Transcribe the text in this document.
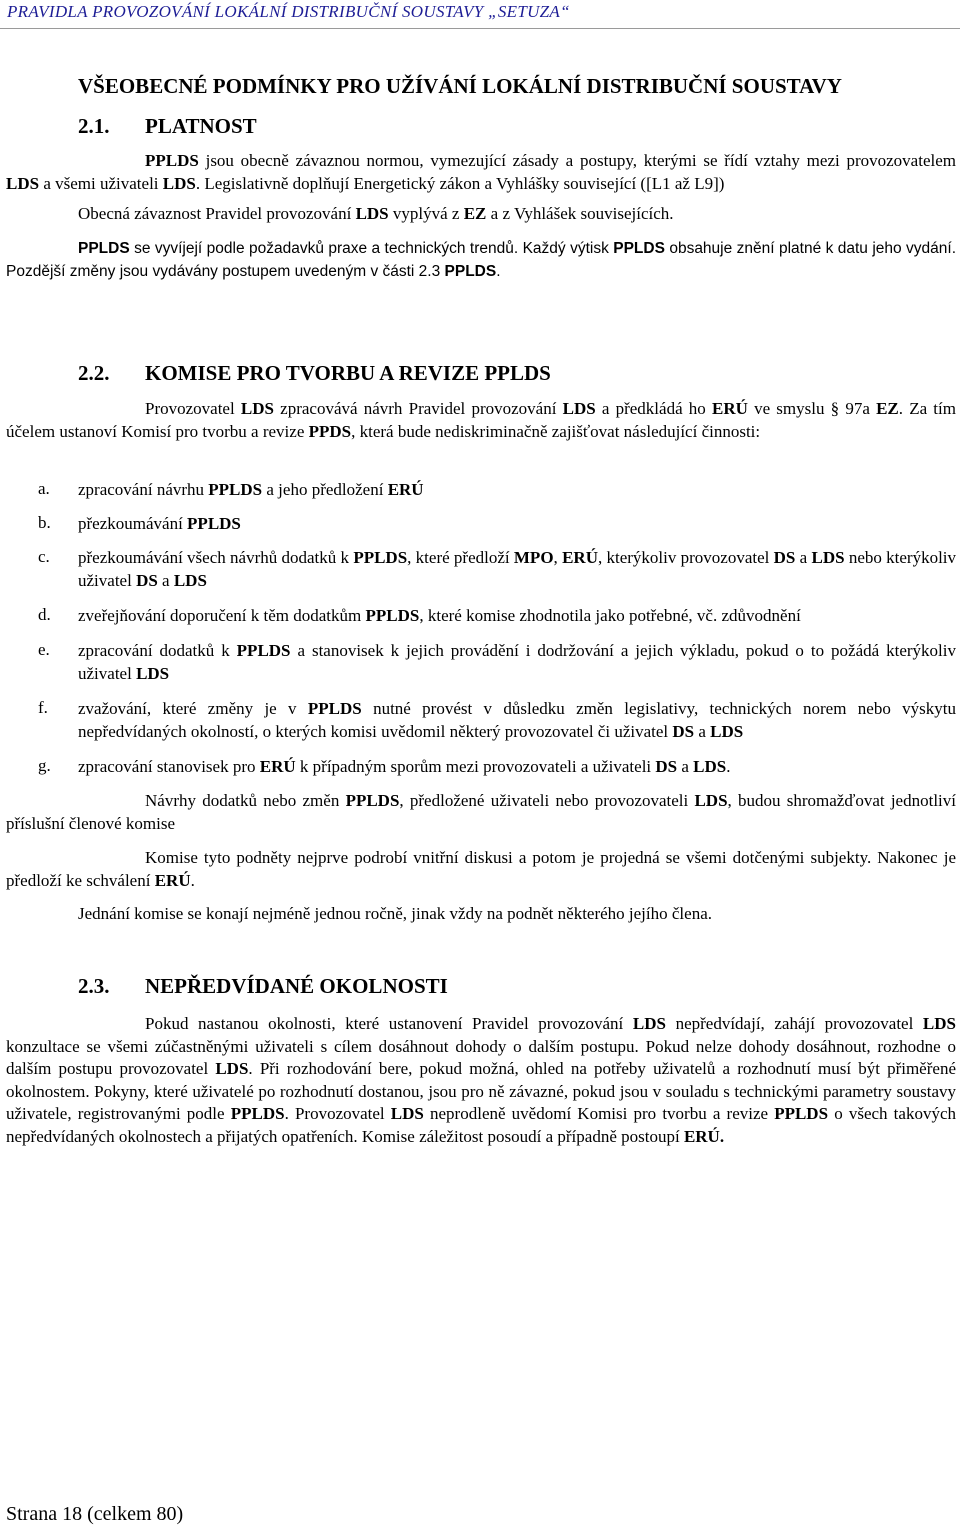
PRAVIDLA PROVOZOVÁNÍ LOKÁLNÍ DISTRIBUČNÍ SOUSTAVY „SETUZA“
VŠEOBECNÉ PODMÍNKY PRO UŽÍVÁNÍ LOKÁLNÍ DISTRIBUČNÍ SOUSTAVY
2.1. PLATNOST

PPLDS jsou obecně závaznou normou, vymezující zásady a postupy, kterými se řídí vztahy mezi provozovatelem LDS a všemi uživateli LDS. Legislativně doplňují Energetický zákon a Vyhlášky související ([L1 až L9])

Obecná závaznost Pravidel provozování LDS vyplývá z EZ a z Vyhlášek souvisejících.

PPLDS se vyvíjejí podle požadavků praxe a technických trendů. Každý výtisk PPLDS obsahuje znění platné k datu jeho vydání. Pozdější změny jsou vydávány postupem uvedeným v části 2.3 PPLDS.

2.2. KOMISE PRO TVORBU A REVIZE PPLDS

Provozovatel LDS zpracovává návrh Pravidel provozování LDS a předkládá ho ERÚ ve smyslu § 97a EZ. Za tím účelem ustanoví Komisí pro tvorbu a revize PPDS, která bude nediskriminačně zajišťovat následující činnosti:

a. zpracování návrhu PPLDS a jeho předložení ERÚ
b. přezkoumávání PPLDS
c. přezkoumávání všech návrhů dodatků k PPLDS, které předloží MPO, ERÚ, kterýkoliv provozovatel DS a LDS nebo kterýkoliv uživatel DS a LDS
d. zveřejňování doporučení k těm dodatkům PPLDS, které komise zhodnotila jako potřebné, vč. zdůvodnění
e. zpracování dodatků k PPLDS a stanovisek k jejich provádění i dodržování a jejich výkladu, pokud o to požádá kterýkoliv uživatel LDS
f. zvažování, které změny je v PPLDS nutné provést v důsledku změn legislativy, technických norem nebo výskytu nepředvídaných okolností, o kterých komisi uvědomil některý provozovatel či uživatel DS a LDS
g. zpracování stanovisek pro ERÚ k případným sporům mezi provozovateli a uživateli DS a LDS.

Návrhy dodatků nebo změn PPLDS, předložené uživateli nebo provozovateli LDS, budou shromažďovat jednotliví příslušní členové komise

Komise tyto podněty nejprve podrobí vnitřní diskusi a potom je projedná se všemi dotčenými subjekty. Nakonec je předloží ke schválení ERÚ.

Jednání komise se konají nejméně jednou ročně, jinak vždy na podnět některého jejího člena.

2.3. NEPŘEDVÍDANÉ OKOLNOSTI

Pokud nastanou okolnosti, které ustanovení Pravidel provozování LDS nepředvídají, zahájí provozovatel LDS konzultace se všemi zúčastněnými uživateli s cílem dosáhnout dohody o dalším postupu. Pokud nelze dohody dosáhnout, rozhodne o dalším postupu provozovatel LDS. Při rozhodování bere, pokud možná, ohled na potřeby uživatelů a rozhodnutí musí být přiměřené okolnostem. Pokyny, které uživatelé po rozhodnutí dostanou, jsou pro ně závazné, pokud jsou v souladu s technickými parametry soustavy uživatele, registrovanými podle PPLDS. Provozovatel LDS neprodleně uvědomí Komisi pro tvorbu a revize PPLDS o všech takových nepředvídaných okolnostech a přijatých opatřeních. Komise záležitost posoudí a případně postoupí ERÚ.

Strana 18 (celkem 80)
